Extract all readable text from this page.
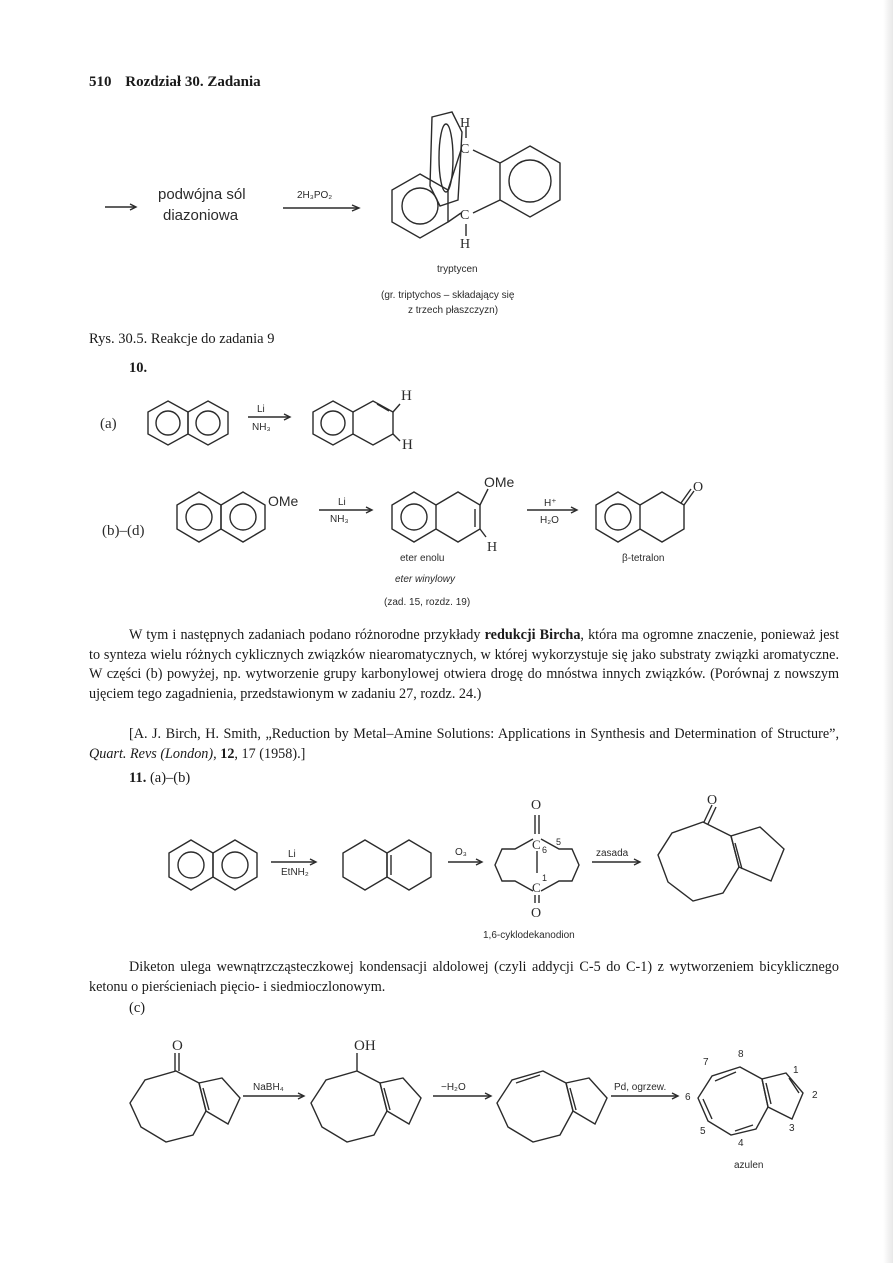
510 Rozdział 30. Zadania
podwójna sól
diazoniowa
2H₃PO₂
H
C
C
H
tryptycen
(gr. triptychos – składający się
z trzech płaszczyzn)
Rys. 30.5. Reakcje do zadania 9
10.
(a)
Li
NH₃
H
H
(b)–(d)
OMe	Li
NH₃
OMe
H
H⁺
H₂O
O
eter enolu
eter winylowy
(zad. 15, rozdz. 19)
β-tetralon

W tym i następnych zadaniach podano różnorodne przykłady redukcji Bircha, która ma ogromne znaczenie, ponieważ jest to synteza wielu różnych cyklicznych związków niearomatycznych, w której wykorzystuje się jako substraty związki aromatyczne. W części (b) powyżej, np. wytworzenie grupy karbonylowej otwiera drogę do mnóstwa innych związków. (Porównaj z nowszym ujęciem tego zagadnienia, przedstawionym w zadaniu 27, rozdz. 24.)

[A. J. Birch, H. Smith, „Reduction by Metal–Amine Solutions: Applications in Synthesis and Determination of Structure”, Quart. Revs (London), 12, 17 (1958).]

11. (a)–(b)
Li
EtNH₂
O₃
O
C 6
5
C
1
O
zasada
O
1,6-cyklodekanodion

Diketon ulega wewnątrzcząsteczkowej kondensacji aldolowej (czyli addycji C-5 do C-1) z wytworzeniem bicyklicznego ketonu o pierścieniach pięcio- i siedmioczlonowym.

(c)
O
NaBH₄
OH
−H₂O	Pd, ogrzew.
1
2
3
4
5
6
7
8
azulen
